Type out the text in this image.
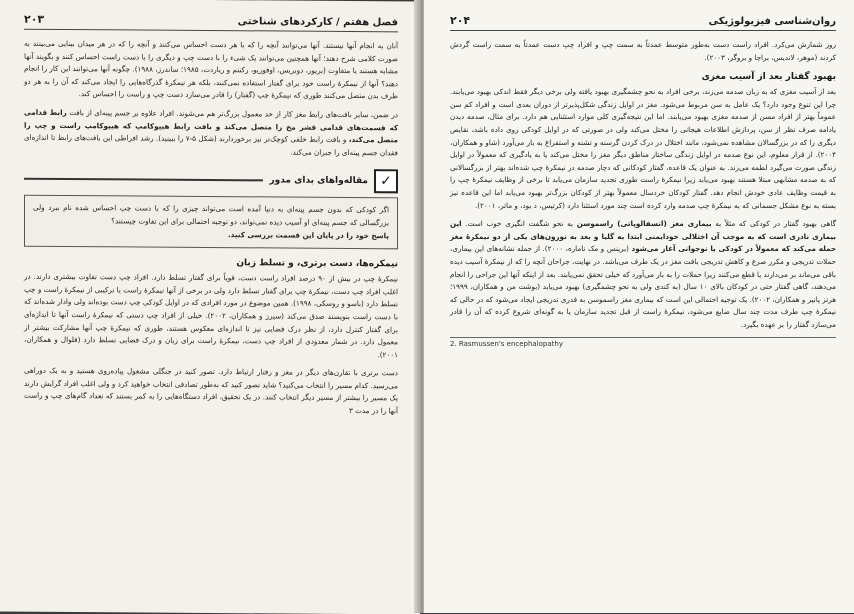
فصل هفتم / کارکردهای شناختی
۲۰۳

آنان به انجام آنها نیستند. آنها می‌توانند آنچه را که با هر دست احساس می‌کنند و آنچه را که در هر میدان بینایی می‌بینند به صورت کلامی شرح دهند؛ آنها همچنین می‌توانند یک شیء را با دست چپ و دیگری را با دست راست احساس کنند و بگویند آنها مشابه هستند یا متفاوت (بریور، دوبریس، اوفوریو، رکنتم و ریاردت، ۱۹۸۵؛ ساندرز، ۱۹۸۸). چگونه آنها می‌توانند این کار را انجام دهند؟ آنها از نیمکرهٔ راست خود برای گفتار استفاده نمی‌کنند، بلکه هر نیمکرهٔ گذرگاه‌هایی را ایجاد می‌کند که آن را به هر دو طرف بدن متصل می‌کنند طوری که نیمکرهٔ چپ (گفتار) را قادر می‌سازد دست چپ و راست را احساس کند.

در ضمن، سایر بافت‌های رابط مغز کار از حد معمول بزرگ‌تر هم می‌شوند. افراد علاوه بر جسم پینه‌ای از بافت رابط قدامی که قسمت‌های قدامی قشر مخ را متصل می‌کند و بافت رابط هیپوکامپ که هیپوکامپ راست و چپ را متصل می‌کند، و بافت رابط خلفی کوچک‌تر نیز برخوردارند (شکل ۵-۷ را ببینید). رشد افراطی این بافت‌های رابط تا اندازه‌ای فقدان جسم پینه‌ای را جبران می‌کند.

✓
مقاله‌واهای بدای مدور

اگر کودکی که بدون جسم پینه‌ای به دنیا آمده است می‌تواند چیزی را که با دست چپ احساس شده نام ببرد ولی بزرگسالی که جسم پینه‌ای او آسیب دیده نمی‌تواند، دو توجیه احتمالی برای این تفاوت چیستند؟

پاسخ خود را در پایان این قسمت بررسی کنید.

نیمکره‌ها، دست برتری، و تسلط زبان

نیمکرهٔ چپ در بیش از ۹۰ درصد افراد راست دست، قویاً برای گفتار تسلط دارد. افراد چپ دست تفاوت بیشتری دارند. در اغلب افراد چپ دست، نیمکرهٔ چپ برای گفتار تسلط دارد ولی در برخی از آنها نیمکرهٔ راست یا ترکیبی از نیمکرهٔ راست و چپ تسلط دارد (باسو و روسکی، ۱۹۹۸). همین موضوع در مورد افرادی که در اوایل کودکی چپ دست بوده‌اند ولی وادار شده‌اند که با دست راست بنویسند صدق می‌کند (سیرز و همکاران، ۲۰۰۲). خیلی از افراد چپ دستی که نیمکرهٔ راست آنها تا اندازه‌ای برای گفتار کنترل دارد، از نظر درک فضایی نیز تا اندازه‌ای معکوس هستند، طوری که نیمکرهٔ چپ آنها مشارکت بیشتر از معمول دارد. در شمار معدودی از افراد چپ دست، نیمکرهٔ راست برای زبان و درک فضایی تسلط دارد (فلوال و همکاران، ۲۰۰۱).

دست برتری با تقارن‌های دیگر در مغز و رفتار ارتباط دارد. تصور کنید در جنگلی مشغول پیاده‌روی هستید و به یک دوراهی می‌رسید. کدام مسیر را انتخاب می‌کنید؟ شاید تصور کنید که به‌طور تصادفی انتخاب خواهید کرد و ولی اغلب افراد گرایش دارند یک مسیر را بیشتر از مسیر دیگر انتخاب کنند. در یک تحقیق، افراد دستگاه‌هایی را به کمر بستند که تعداد گام‌های چپ و راست آنها را در مدت ۳

روان‌شناسی فیزیولوژیکی
۲۰۴

روز شمارش می‌کرد. افراد راست دست به‌طور متوسط عمدتاً به سمت چپ و افراد چپ دست عمدتاً به سمت راست گردش کردند (موهر، لاندیس، براچا و بروگر، ۲۰۰۳).

بهبود گفتار بعد از آسیب مغزی

بعد از آسیب مغزی که به زبان صدمه می‌زند، برخی افراد به نحو چشمگیری بهبود یافته ولی برخی دیگر فقط اندکی بهبود می‌یابند. چرا این تنوع وجود دارد؟ یک عامل به سن مربوط می‌شود. مغز در اوایل زندگی شکل‌پذیرتر از دوران بعدی است و افراد کم سن عموماً بهتر از افراد مسن از صدمه مغزی بهبود می‌یابند. اما این نتیجه‌گیری کلی موارد استثنایی هم دارد. برای مثال، صدمه دیدن یادامه صرف نظر از سن، پردازش اطلاعات هیجانی را مختل می‌کند ولی در صورتی که در اوایل کودکی روی داده باشد، نقایص دیگری را که در بزرگسالان مشاهده نمی‌شود، مانند اختلال در درک کردن گرسنه و تشنه و استفراغ به بار می‌آورد (شاو و همکاران، ۲۰۰۴). از قرار معلوم، این نوع صدمه در اوایل زندگی ساختار مناطق دیگر مغز را مختل می‌کند یا به یادگیری که معمولاً در اوایل زندگی صورت می‌گیرد لطمه می‌زند. به عنوان یک قاعده، گفتار کودکانی که دچار صدمه در نیمکرهٔ چپ شده‌اند بهتر از بزرگسالانی که به صدمه مشابهی مبتلا هستند بهبود می‌یابد زیرا نیمکرهٔ راست طوری تجدید سازمان می‌یابد تا برخی از وظایف نیمکرهٔ چپ را به قیمت وظایف عادی خودش انجام دهد. گفتار کودکان خردسال معمولاً بهتر از کودکان بزرگ‌تر بهبود می‌یابد اما این قاعده نیز بسته به نوع مشکل جسمانی که به نیمکرهٔ چپ صدمه وارد کرده است چند مورد استثنا دارد (کرتیس، د بود، و ماتر، ۲۰۰۱).

گاهی بهبود گفتار در کودکی که مثلاً به بیماری مغز (انسفالوپاتی) راسموسن به نحو شگفت انگیزی خوب است. این بیماری نادری است که به موجب آن اختلالی خودایمنی ابتدا به گلیا و بعد به نورون‌های یکی از دو نیمکرهٔ مغز حمله می‌کند که معمولاً در کودکی یا نوجوانی آغاز می‌شود (برینس و مک ناماره، ۲۰۰۰). از جمله نشانه‌های این بیماری، حملات تدریجی و مکرر صرع و کاهش تدریجی بافت مغز در یک طرف می‌باشد. در نهایت، جراحان آنچه را که از نیمکرهٔ آسیب دیده باقی می‌ماند بر می‌دارند یا قطع می‌کنند زیرا حملات را به بار می‌آورد که خیلی تحقق نمی‌یابند. بعد از اینکه آنها این جراحی را انجام می‌دهند، گاهی گفتار حتی در کودکان بالای ۱۰ سال (به کندی ولی به نحو چشمگیری) بهبود می‌یابد (بوشت من و همکاران، ۱۹۹۹؛ هرتز پانیر و همکاران، ۲۰۰۲). یک توجیه احتمالی این است که بیماری مغز راسموسن به قدری تدریجی ایجاد می‌شود که در حالی که نیمکرهٔ چپ طرف مدت چند سال ضایع می‌شود، نیمکرهٔ راست از قبل تجدید سازمان یا به گونه‌ای شروع کرده که آن را قادر می‌سازد گفتار را بر عهده بگیرد.

2. Rasmussen's encephalopathy
